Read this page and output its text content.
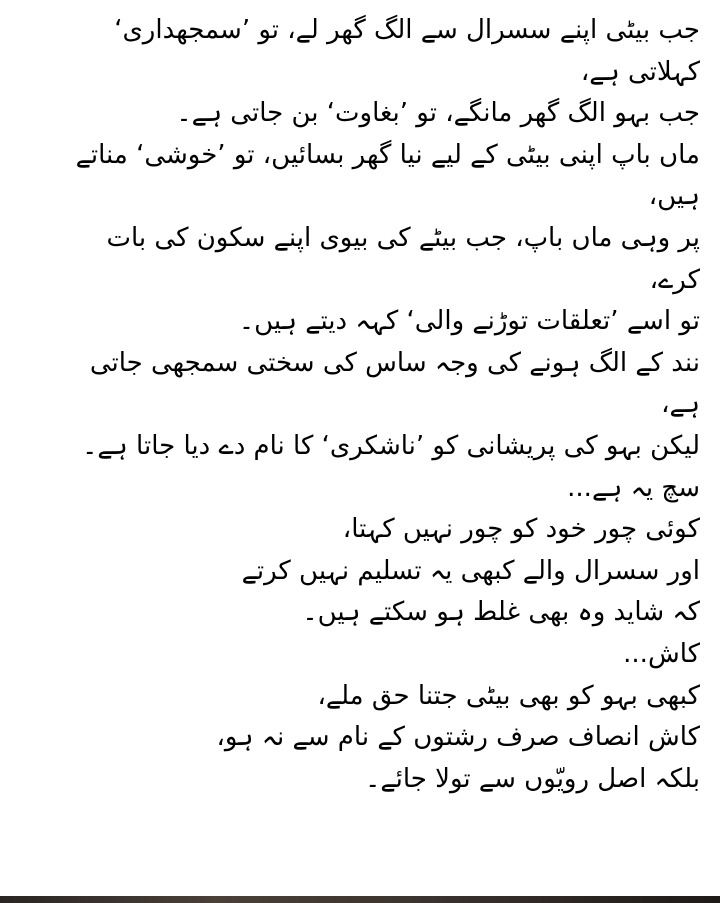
جب بیٹی اپنے سسرال سے الگ گھر لے، تو ’سمجھداری‘

کہلاتی ہے،

جب بہو الگ گھر مانگے، تو ’بغاوت‘ بن جاتی ہے۔

ماں باپ اپنی بیٹی کے لیے نیا گھر بسائیں، تو ’خوشی‘ مناتے

ہیں،

پر وہی ماں باپ، جب بیٹے کی بیوی اپنے سکون کی بات

کرے،

تو اسے ’تعلقات توڑنے والی‘ کہہ دیتے ہیں۔

نند کے الگ ہونے کی وجہ ساس کی سختی سمجھی جاتی

ہے،

لیکن بہو کی پریشانی کو ’ناشکری‘ کا نام دے دیا جاتا ہے۔

سچ یہ ہے...

کوئی چور خود کو چور نہیں کہتا،

اور سسرال والے کبھی یہ تسلیم نہیں کرتے

کہ شاید وہ بھی غلط ہو سکتے ہیں۔

کاش...

کبھی بہو کو بھی بیٹی جتنا حق ملے،

کاش انصاف صرف رشتوں کے نام سے نہ ہو،

بلکہ اصل رویّوں سے تولا جائے۔
